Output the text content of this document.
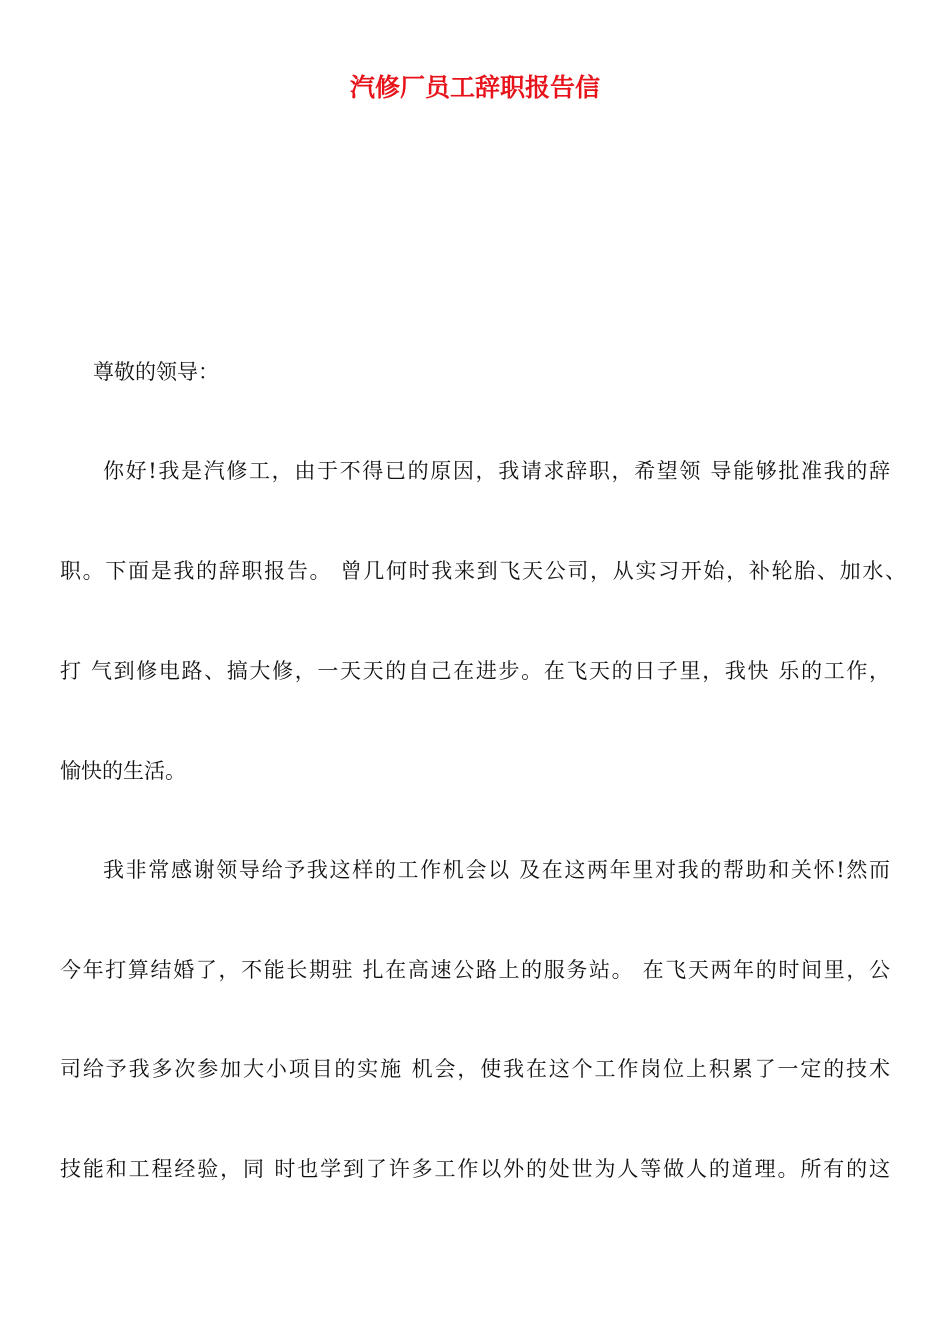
汽修厂员工辞职报告信
尊敬的领导：
你好!我是汽修工，由于不得已的原因，我请求辞职，希望领 导能够批准我的辞
职。下面是我的辞职报告。 曾几何时我来到飞天公司，从实习开始，补轮胎、加水、
打 气到修电路、搞大修，一天天的自己在进步。在飞天的日子里，我快 乐的工作，
愉快的生活。
我非常感谢领导给予我这样的工作机会以 及在这两年里对我的帮助和关怀!然而
今年打算结婚了，不能长期驻 扎在高速公路上的服务站。 在飞天两年的时间里，公
司给予我多次参加大小项目的实施 机会，使我在这个工作岗位上积累了一定的技术
技能和工程经验，同 时也学到了许多工作以外的处世为人等做人的道理。所有的这
